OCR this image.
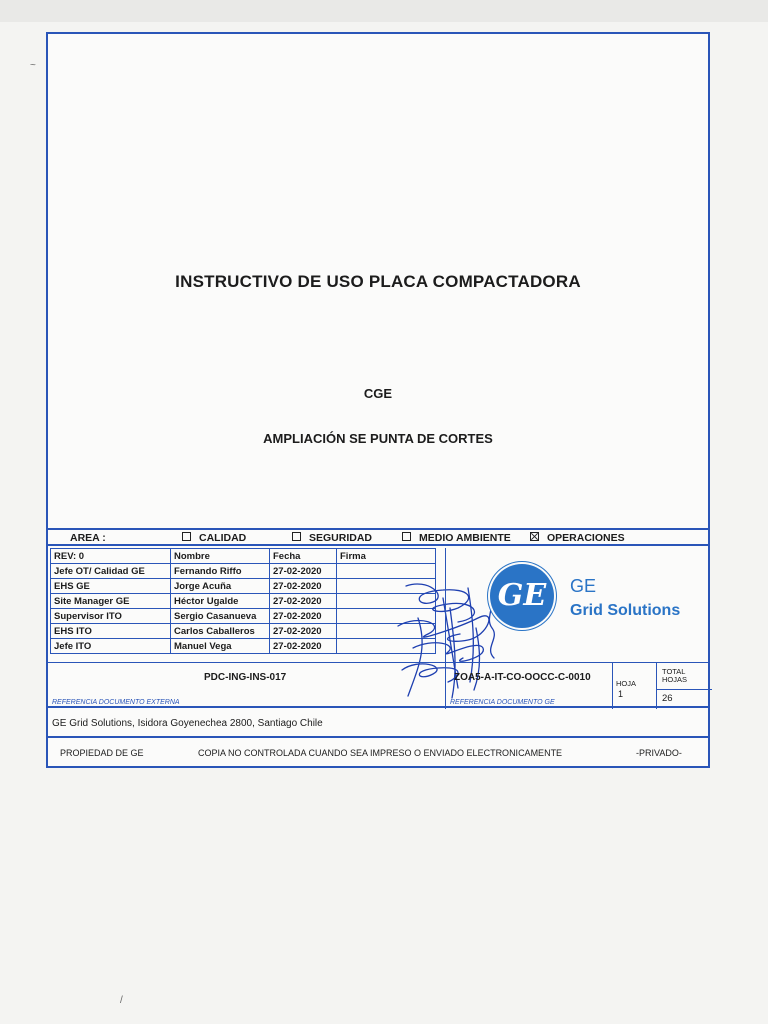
~
/
INSTRUCTIVO DE USO PLACA COMPACTADORA
CGE
AMPLIACIÓN SE PUNTA DE CORTES
AREA :	CALIDAD	SEGURIDAD	MEDIO AMBIENTE	OPERACIONES
REV: 0	Nombre	Fecha	Firma
Jefe OT/ Calidad GE	Fernando Riffo	27-02-2020	
EHS GE	Jorge Acuña	27-02-2020	
Site Manager GE	Héctor Ugalde	27-02-2020	
Supervisor ITO	Sergio Casanueva	27-02-2020	
EHS ITO	Carlos Caballeros	27-02-2020	
Jefe ITO	Manuel Vega	27-02-2020	
GE	GE
Grid Solutions
PDC-ING-INS-017
REFERENCIA DOCUMENTO EXTERNA
ZOA5-A-IT-CO-OOCC-C-0010
REFERENCIA DOCUMENTO GE
HOJA
1
TOTAL
HOJAS
26
GE Grid Solutions, Isidora Goyenechea 2800, Santiago Chile
PROPIEDAD DE GE	COPIA NO CONTROLADA CUANDO SEA IMPRESO O ENVIADO ELECTRONICAMENTE	-PRIVADO-
